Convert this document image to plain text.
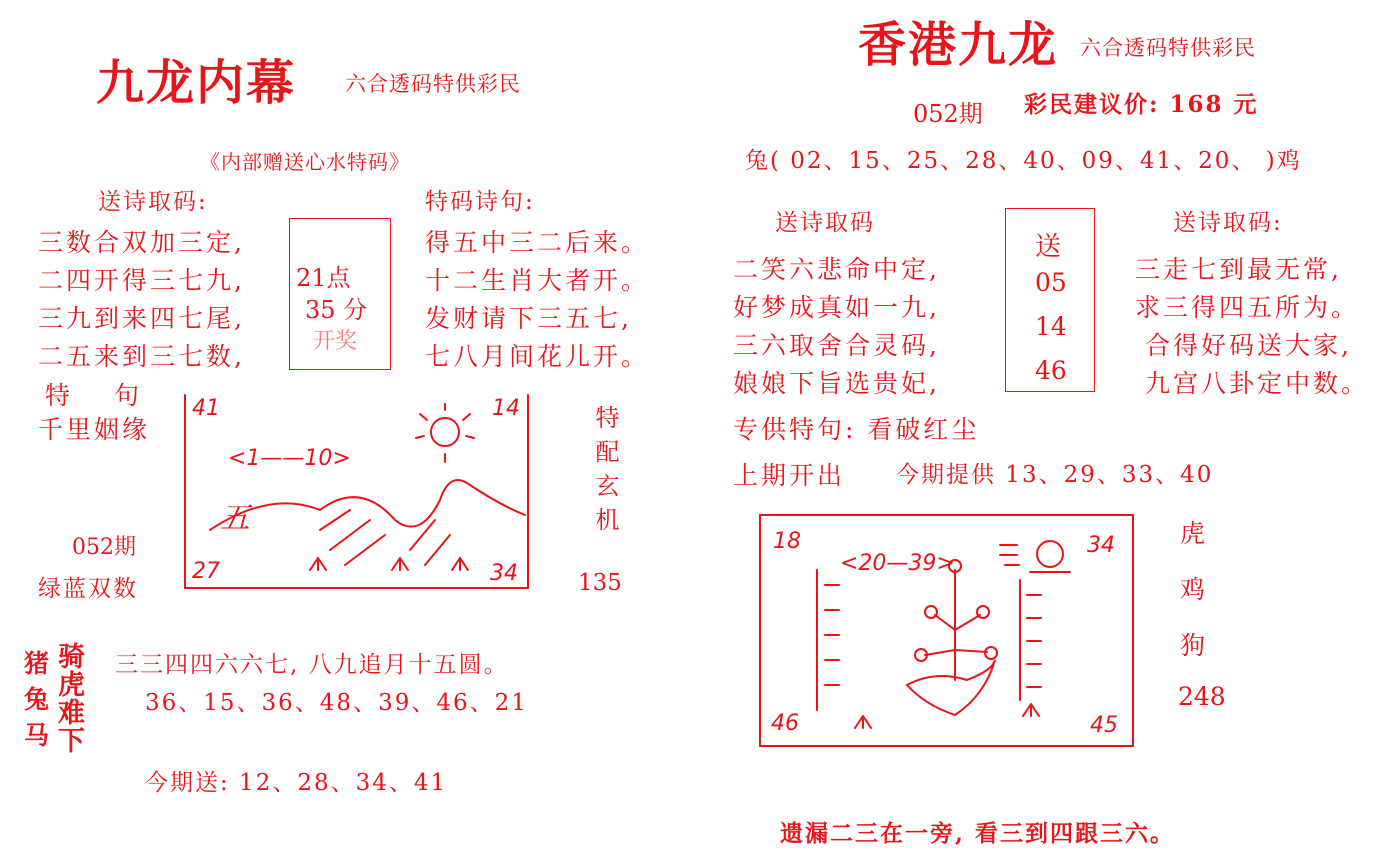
九龙内幕 六合透码特供彩民
《内部赠送心水特码》
送诗取码:
三数合双加三定,
二四开得三七九,
三九到来四七尾,
二五来到三七数,
21点
35 分
开奖
特码诗句:
得五中三二后来。
十二生肖大者开。
发财请下三五七,
七八月间花儿开。
特 句
千里姻缘
052期
绿蓝双数
41	14
27	34
<1——10>
五	特配玄机
135
猪
兔
马
骑
虎
难
下
三三四四六六七, 八九追月十五圆。
36、15、36、48、39、46、21
今期送: 12、28、34、41
香港九龙 六合透码特供彩民
052期 彩民建议价: 168 元
兔( 02、15、25、28、40、09、41、20、 )鸡
送诗取码
二笑六悲命中定,
好梦成真如一九,
三六取舍合灵码,
娘娘下旨选贵妃,
送
05
14
46
送诗取码:
三走七到最无常,
求三得四五所为。
合得好码送大家,
九宫八卦定中数。
专供特句: 看破红尘
上期开出 今期提供 13、29、33、40
18	34
46	45
<20—39>
虎
鸡
狗
248
遗漏二三在一旁, 看三到四跟三六。
